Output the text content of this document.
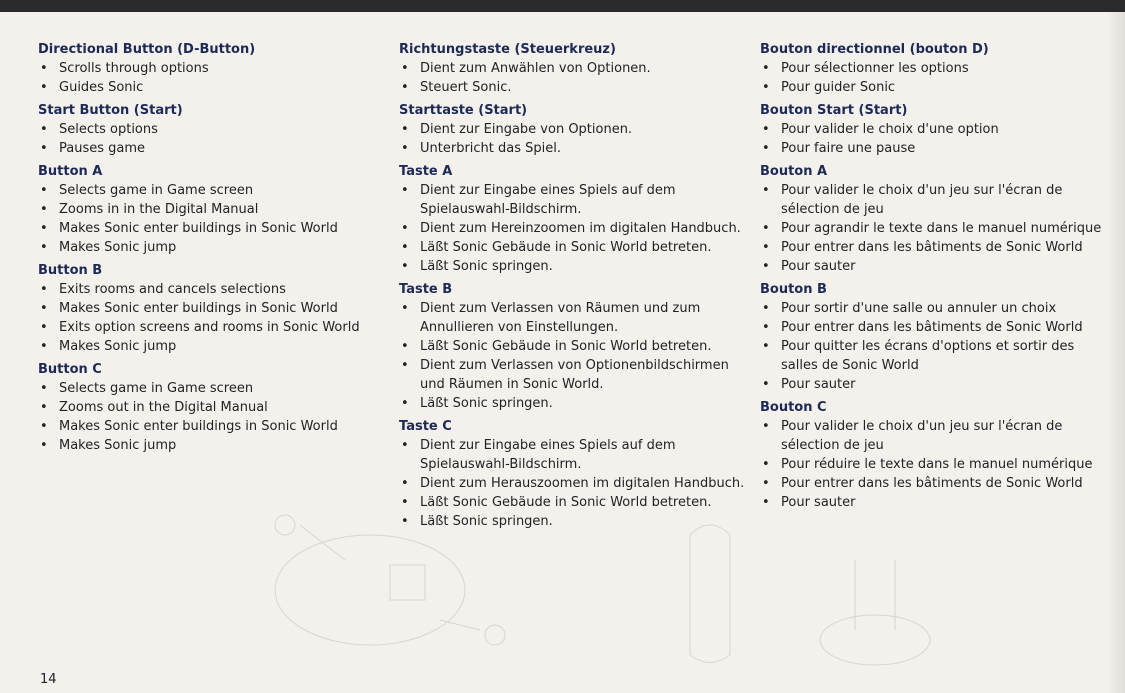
Directional Button (D-Button)
• Scrolls through options
• Guides Sonic
Start Button (Start)
• Selects options
• Pauses game
Button A
• Selects game in Game screen
• Zooms in in the Digital Manual
• Makes Sonic enter buildings in Sonic World
• Makes Sonic jump
Button B
• Exits rooms and cancels selections
• Makes Sonic enter buildings in Sonic World
• Exits option screens and rooms in Sonic World
• Makes Sonic jump
Button C
• Selects game in Game screen
• Zooms out in the Digital Manual
• Makes Sonic enter buildings in Sonic World
• Makes Sonic jump
Richtungstaste (Steuerkreuz)
• Dient zum Anwählen von Optionen.
• Steuert Sonic.
Starttaste (Start)
• Dient zur Eingabe von Optionen.
• Unterbricht das Spiel.
Taste A
• Dient zur Eingabe eines Spiels auf dem Spielauswahl-Bildschirm.
• Dient zum Hereinzoomen im digitalen Handbuch.
• Läßt Sonic Gebäude in Sonic World betreten.
• Läßt Sonic springen.
Taste B
• Dient zum Verlassen von Räumen und zum Annullieren von Einstellungen.
• Läßt Sonic Gebäude in Sonic World betreten.
• Dient zum Verlassen von Optionenbildschirmen und Räumen in Sonic World.
• Läßt Sonic springen.
Taste C
• Dient zur Eingabe eines Spiels auf dem Spielauswahl-Bildschirm.
• Dient zum Herauszoomen im digitalen Handbuch.
• Läßt Sonic Gebäude in Sonic World betreten.
• Läßt Sonic springen.
Bouton directionnel (bouton D)
• Pour sélectionner les options
• Pour guider Sonic
Bouton Start (Start)
• Pour valider le choix d'une option
• Pour faire une pause
Bouton A
• Pour valider le choix d'un jeu sur l'écran de sélection de jeu
• Pour agrandir le texte dans le manuel numérique
• Pour entrer dans les bâtiments de Sonic World
• Pour sauter
Bouton B
• Pour sortir d'une salle ou annuler un choix
• Pour entrer dans les bâtiments de Sonic World
• Pour quitter les écrans d'options et sortir des salles de Sonic World
• Pour sauter
Bouton C
• Pour valider le choix d'un jeu sur l'écran de sélection de jeu
• Pour réduire le texte dans le manuel numérique
• Pour entrer dans les bâtiments de Sonic World
• Pour sauter
14
